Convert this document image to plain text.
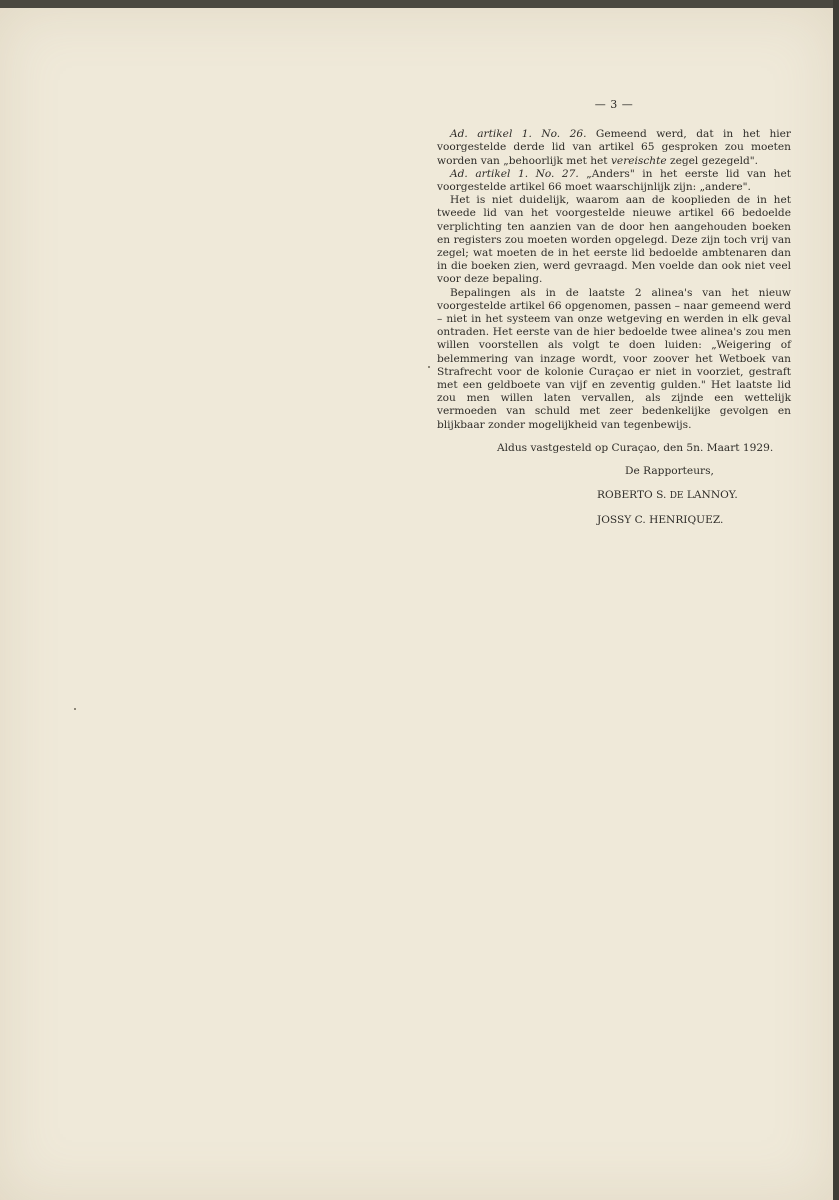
— 3 —

Ad. artikel 1. No. 26. Gemeend werd, dat in het hier voorgestelde derde lid van artikel 65 gesproken zou moeten worden van „behoorlijk met het vereischte zegel gezegeld".

Ad. artikel 1. No. 27. „Anders" in het eerste lid van het voorgestelde artikel 66 moet waarschijnlijk zijn: „andere".

Het is niet duidelijk, waarom aan de kooplieden de in het tweede lid van het voorgestelde nieuwe artikel 66 bedoelde verplichting ten aanzien van de door hen aangehouden boeken en registers zou moeten worden opgelegd. Deze zijn toch vrij van zegel; wat moeten de in het eerste lid bedoelde ambtenaren dan in die boeken zien, werd gevraagd. Men voelde dan ook niet veel voor deze bepaling.

Bepalingen als in de laatste 2 alinea's van het nieuw voorgestelde artikel 66 opgenomen, passen – naar gemeend werd – niet in het systeem van onze wetgeving en werden in elk geval ontraden. Het eerste van de hier bedoelde twee alinea's zou men willen voorstellen als volgt te doen luiden: „Weigering of belemmering van inzage wordt, voor zoover het Wetboek van Strafrecht voor de kolonie Curaçao er niet in voorziet, gestraft met een geldboete van vijf en zeventig gulden." Het laatste lid zou men willen laten vervallen, als zijnde een wettelijk vermoeden van schuld met zeer bedenkelijke gevolgen en blijkbaar zonder mogelijkheid van tegenbewijs.

Aldus vastgesteld op Curaçao, den 5n. Maart 1929.
De Rapporteurs,
ROBERTO S. DE LANNOY.
JOSSY C. HENRIQUEZ.
